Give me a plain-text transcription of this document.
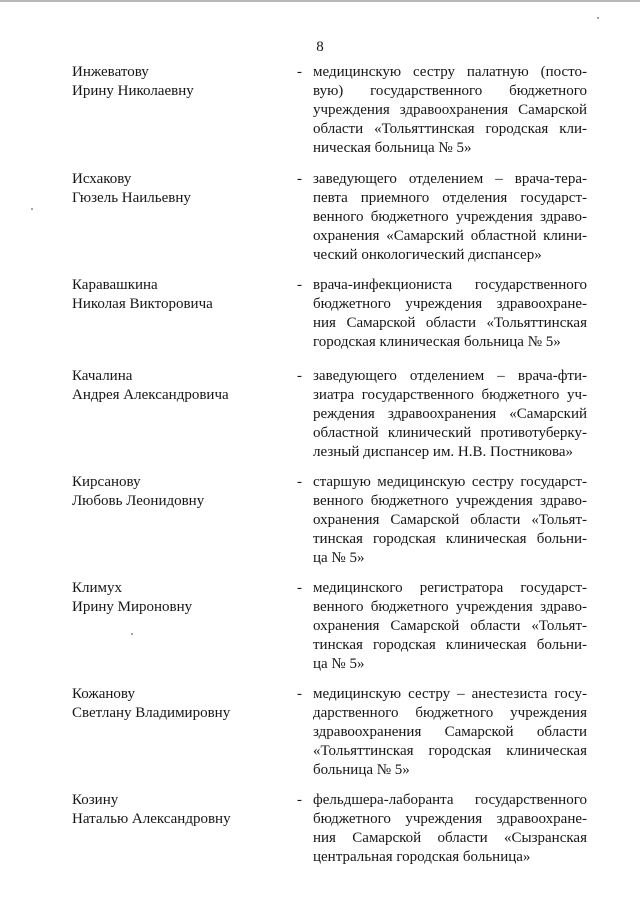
8
Инжеватову
Ирину Николаевну
- медицинскую сестру палатную (посто-
вую) государственного бюджетного
учреждения здравоохранения Самарской
области «Тольяттинская городская кли-
ническая больница № 5»
Исхакову
Гюзель Наильевну
- заведующего отделением – врача-тера-
певта приемного отделения государст-
венного бюджетного учреждения здраво-
охранения «Самарский областной клини-
ческий онкологический диспансер»
Каравашкина
Николая Викторовича
- врача-инфекциониста государственного
бюджетного учреждения здравоохране-
ния Самарской области «Тольяттинская
городская клиническая больница № 5»
Качалина
Андрея Александровича
- заведующего отделением – врача-фти-
зиатра государственного бюджетного уч-
реждения здравоохранения «Самарский
областной клинический противотуберку-
лезный диспансер им. Н.В. Постникова»
Кирсанову
Любовь Леонидовну
- старшую медицинскую сестру государст-
венного бюджетного учреждения здраво-
охранения Самарской области «Тольят-
тинская городская клиническая больни-
ца № 5»
Климух
Ирину Мироновну
- медицинского регистратора государст-
венного бюджетного учреждения здраво-
охранения Самарской области «Тольят-
тинская городская клиническая больни-
ца № 5»
Кожанову
Светлану Владимировну
- медицинскую сестру – анестезиста госу-
дарственного бюджетного учреждения
здравоохранения Самарской области
«Тольяттинская городская клиническая
больница № 5»
Козину
Наталью Александровну
- фельдшера-лаборанта государственного
бюджетного учреждения здравоохране-
ния Самарской области «Сызранская
центральная городская больница»
